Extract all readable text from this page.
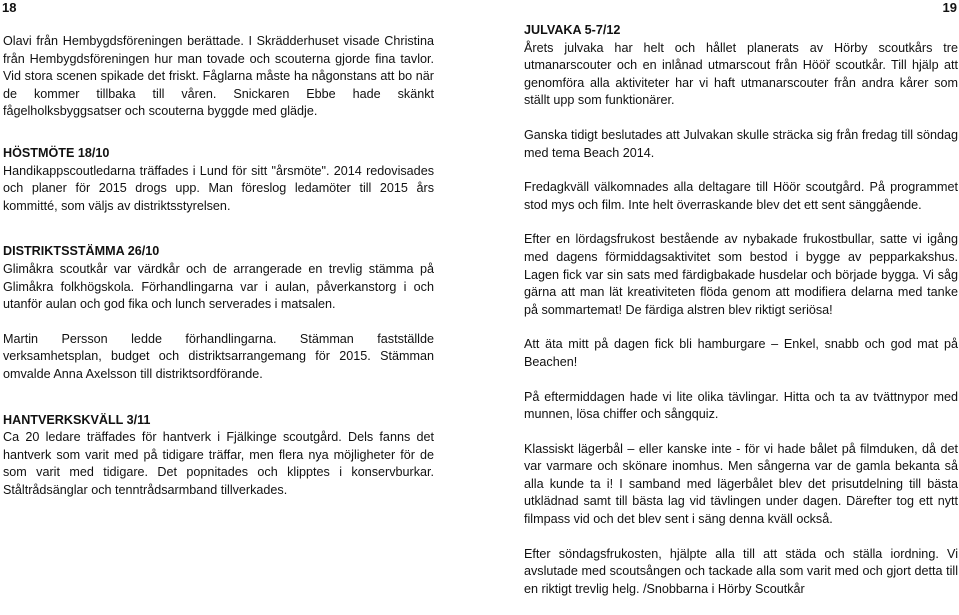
18	19

Olavi från Hembygdsföreningen berättade. I Skrädderhuset visade Christina från Hembygdsföreningen hur man tovade och scouterna gjorde fina tavlor. Vid stora scenen spikade det friskt. Fåglarna måste ha någonstans att bo när de kommer tillbaka till våren. Snickaren Ebbe hade skänkt fågelholksbyggsatser och scouterna byggde med glädje.

HÖSTMÖTE 18/10

Handikappscoutledarna träffades i Lund för sitt "årsmöte". 2014 redovisades och planer för 2015 drogs upp. Man föreslog ledamöter till 2015 års kommitté, som väljs av distriktsstyrelsen.

DISTRIKTSSTÄMMA 26/10

Glimåkra scoutkår var värdkår och de arrangerade en trevlig stämma på Glimåkra folkhögskola. Förhandlingarna var i aulan, påverkanstorg i och utanför aulan och god fika och lunch serverades i matsalen.

Martin Persson ledde förhandlingarna. Stämman fastställde verksamhetsplan, budget och distriktsarrangemang för 2015. Stämman omvalde Anna Axelsson till distriktsordförande.

HANTVERKSKVÄLL 3/11

Ca 20 ledare träffades för hantverk i Fjälkinge scoutgård. Dels fanns det hantverk som varit med på tidigare träffar, men flera nya möjligheter för de som varit med tidigare. Det popnitades och klipptes i konservburkar. Ståltrådsänglar och tenntrådsarmband tillverkades.

JULVAKA 5-7/12

Årets julvaka har helt och hållet planerats av Hörby scoutkårs tre utmanarscouter och en inlånad utmarscout från Hööř scoutkår. Till hjälp att genomföra alla aktiviteter har vi haft utmanarscouter från andra kårer som ställt upp som funktionärer.

Ganska tidigt beslutades att Julvakan skulle sträcka sig från fredag till söndag med tema Beach 2014.

Fredagkväll välkomnades alla deltagare till Höör scoutgård. På programmet stod mys och film. Inte helt överraskande blev det ett sent sänggående.

Efter en lördagsfrukost bestående av nybakade frukostbullar, satte vi igång med dagens förmiddagsaktivitet som bestod i bygge av pepparkakshus. Lagen fick var sin sats med färdigbakade husdelar och började bygga. Vi såg gärna att man lät kreativiteten flöda genom att modifiera delarna med tanke på sommartemat! De färdiga alstren blev riktigt seriösa!

Att äta mitt på dagen fick bli hamburgare – Enkel, snabb och god mat på Beachen!

På eftermiddagen hade vi lite olika tävlingar. Hitta och ta av tvättnypor med munnen, lösa chiffer och sångquiz.

Klassiskt lägerbål – eller kanske inte - för vi hade bålet på filmduken, då det var varmare och skönare inomhus. Men sångerna var de gamla bekanta så alla kunde ta i! I samband med lägerbålet blev det prisutdelning till bästa utklädnad samt till bästa lag vid tävlingen under dagen. Därefter tog ett nytt filmpass vid och det blev sent i säng denna kväll också.

Efter söndagsfrukosten, hjälpte alla till att städa och ställa iordning. Vi avslutade med scoutsången och tackade alla som varit med och gjort detta till en riktigt trevlig helg. /Snobbarna i Hörby Scoutkår
